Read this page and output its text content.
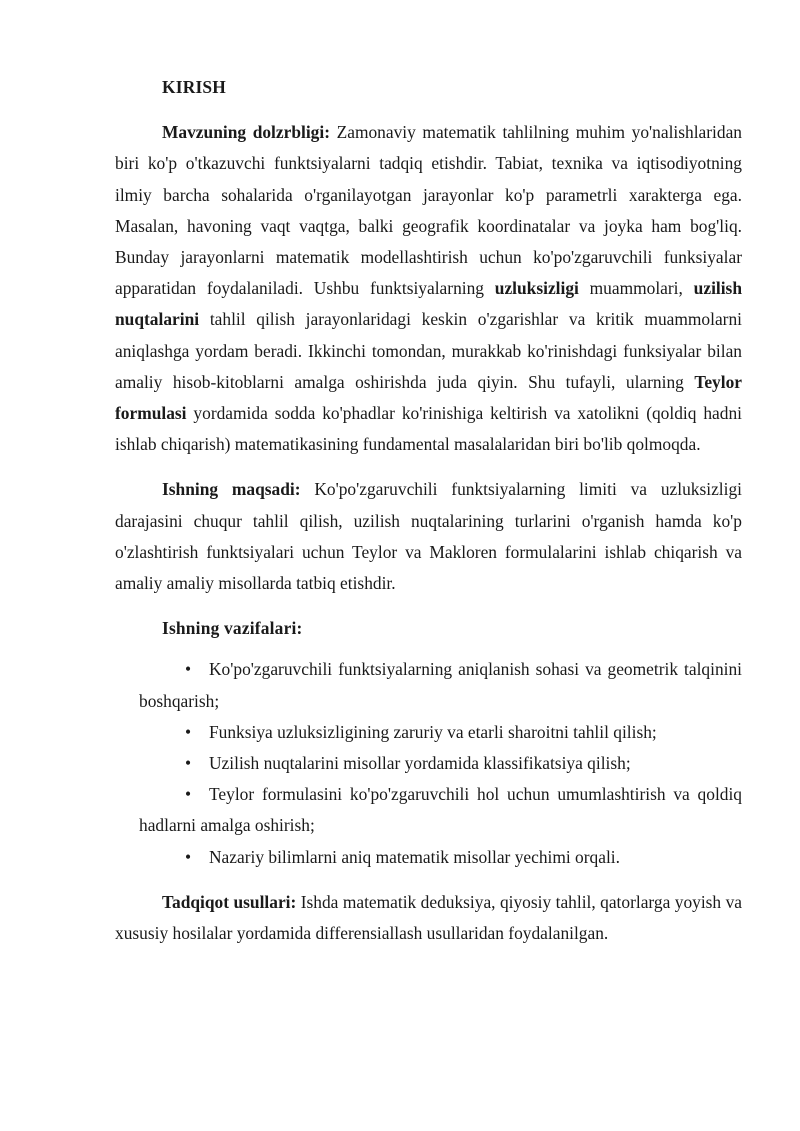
KIRISH

Mavzuning dolzrbligi: Zamonaviy matematik tahlilning muhim yo'nalishlaridan biri ko'p o'tkazuvchi funktsiyalarni tadqiq etishdir. Tabiat, texnika va iqtisodiyotning ilmiy barcha sohalarida o'rganilayotgan jarayonlar ko'p parametrli xarakterga ega. Masalan, havoning vaqt vaqtga, balki geografik koordinatalar va joyka ham bog'liq. Bunday jarayonlarni matematik modellashtirish uchun ko'po'zgaruvchili funksiyalar apparatidan foydalaniladi. Ushbu funktsiyalarning uzluksizligi muammolari, uzilish nuqtalarini tahlil qilish jarayonlaridagi keskin o'zgarishlar va kritik muammolarni aniqlashga yordam beradi. Ikkinchi tomondan, murakkab ko'rinishdagi funksiyalar bilan amaliy hisob-kitoblarni amalga oshirishda juda qiyin. Shu tufayli, ularning Teylor formulasi yordamida sodda ko'phadlar ko'rinishiga keltirish va xatolikni (qoldiq hadni ishlab chiqarish) matematikasining fundamental masalalaridan biri bo'lib qolmoqda.

Ishning maqsadi: Ko'po'zgaruvchili funktsiyalarning limiti va uzluksizligi darajasini chuqur tahlil qilish, uzilish nuqtalarining turlarini o'rganish hamda ko'p o'zlashtirish funktsiyalari uchun Teylor va Makloren formulalarini ishlab chiqarish va amaliy amaliy misollarda tatbiq etishdir.

Ishning vazifalari:
• Ko'po'zgaruvchili funktsiyalarning aniqlanish sohasi va geometrik talqinini boshqarish;
• Funksiya uzluksizligining zaruriy va etarli sharoitni tahlil qilish;
• Uzilish nuqtalarini misollar yordamida klassifikatsiya qilish;
• Teylor formulasini ko'po'zgaruvchili hol uchun umumlashtirish va qoldiq hadlarni amalga oshirish;
• Nazariy bilimlarni aniq matematik misollar yechimi orqali.

Tadqiqot usullari: Ishda matematik deduksiya, qiyosiy tahlil, qatorlarga yoyish va xususiy hosilalar yordamida differensiallash usullaridan foydalanilgan.
